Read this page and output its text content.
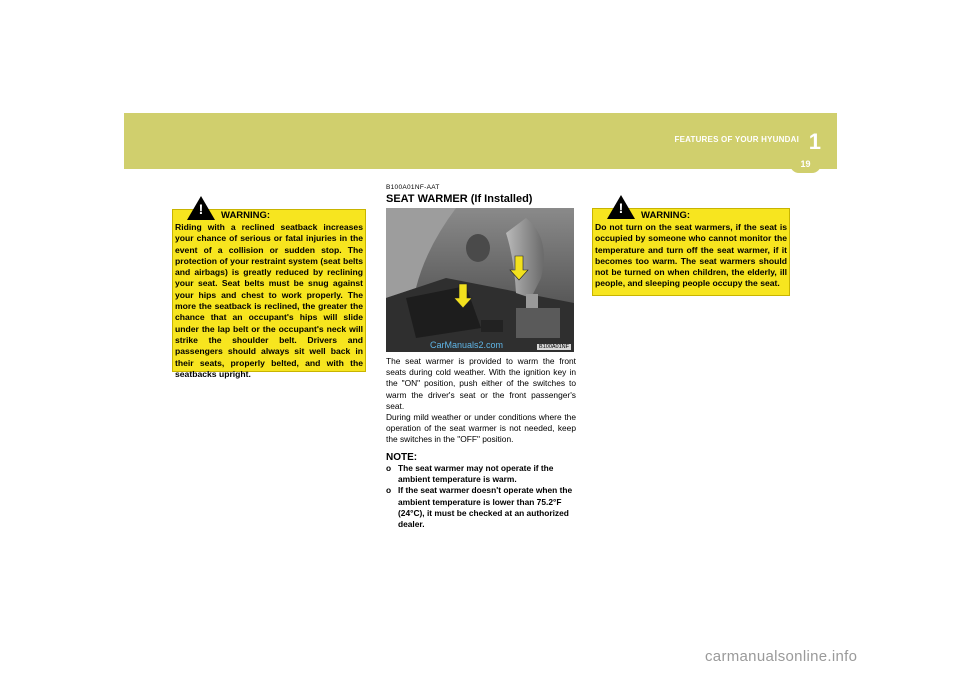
FEATURES OF YOUR HYUNDAI 1
19
!	WARNING:
Riding with a reclined seatback increases your chance of serious or fatal injuries in the event of a collision or sudden stop. The protection of your restraint system (seat belts and airbags) is greatly reduced by reclining your seat. Seat belts must be snug against your hips and chest to work properly. The more the seatback is reclined, the greater the chance that an occupant's hips will slide under the lap belt or the occupant's neck will strike the shoulder belt. Drivers and passengers should always sit well back in their seats, properly belted, and with the seatbacks upright.
B100A01NF-AAT
SEAT WARMER (If Installed)
B100A01NF
CarManuals2.com
The seat warmer is provided to warm the front seats during cold weather. With the ignition key in the "ON" position, push either of the switches to warm the driver's seat or the front passenger's seat.
During mild weather or under conditions where the operation of the seat warmer is not needed, keep the switches in the "OFF" position.
NOTE:
o The seat warmer may not operate if the ambient temperature is warm.
o If the seat warmer doesn't operate when the ambient temperature is lower than 75.2°F (24°C), it must be checked at an authorized dealer.
!	WARNING:
Do not turn on the seat warmers, if the seat is occupied by someone who cannot monitor the temperature and turn off the seat warmer, if it becomes too warm. The seat warmers should not be turned on when children, the elderly, ill people, and sleeping people occupy the seat.
carmanualsonline.info
